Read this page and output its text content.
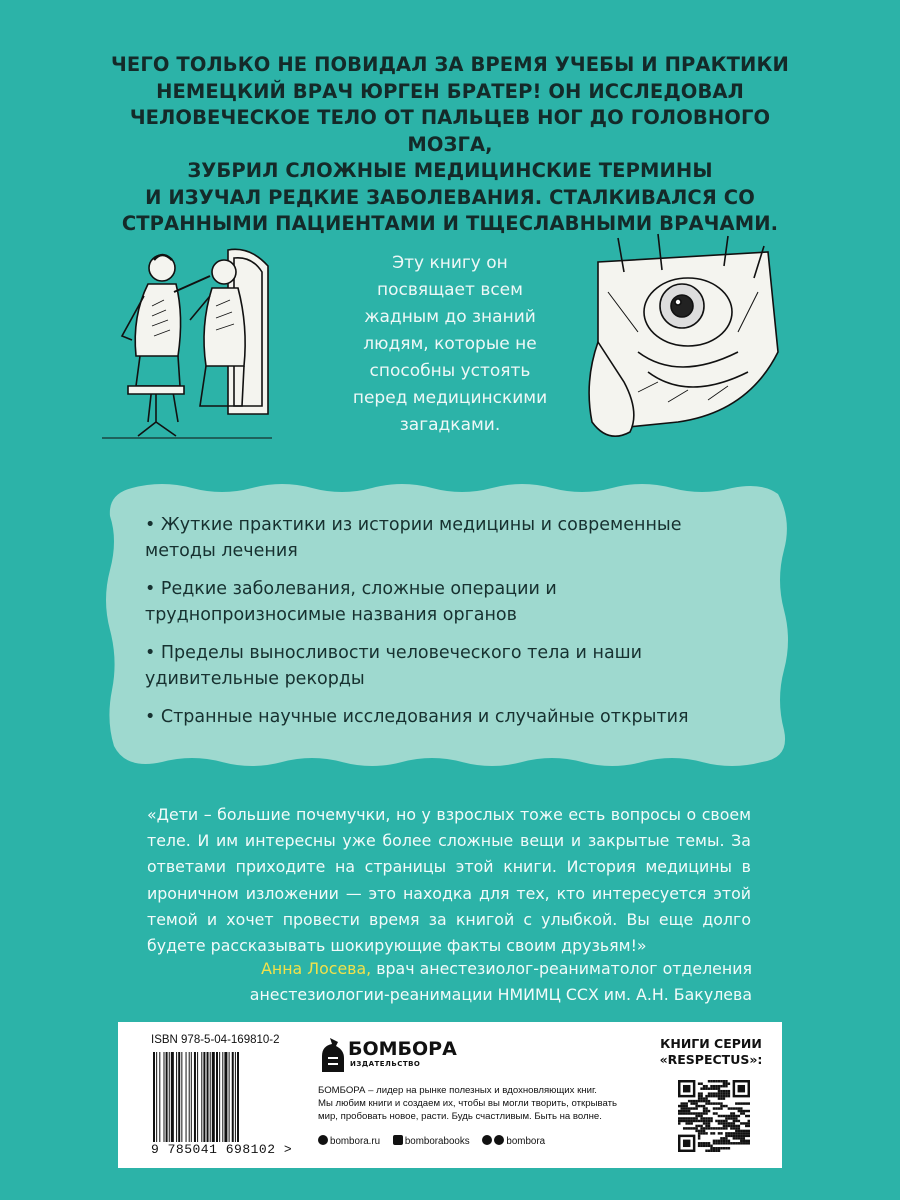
ЧЕГО ТОЛЬКО НЕ ПОВИДАЛ ЗА ВРЕМЯ УЧЕБЫ И ПРАКТИКИ
НЕМЕЦКИЙ ВРАЧ ЮРГЕН БРАТЕР! ОН ИССЛЕДОВАЛ
ЧЕЛОВЕЧЕСКОЕ ТЕЛО ОТ ПАЛЬЦЕВ НОГ ДО ГОЛОВНОГО МОЗГА,
ЗУБРИЛ СЛОЖНЫЕ МЕДИЦИНСКИЕ ТЕРМИНЫ
И ИЗУЧАЛ РЕДКИЕ ЗАБОЛЕВАНИЯ. СТАЛКИВАЛСЯ СО
СТРАННЫМИ ПАЦИЕНТАМИ И ТЩЕСЛАВНЫМИ ВРАЧАМИ.
Эту книгу он
посвящает всем
жадным до знаний
людям, которые не
способны устоять
перед медицинскими
загадками.
• Жуткие практики из истории медицины и современные
методы лечения
• Редкие заболевания, сложные операции и
труднопроизносимые названия органов
• Пределы выносливости человеческого тела и наши
удивительные рекорды
• Странные научные исследования и случайные открытия
«Дети – большие почемучки, но у взрослых тоже есть вопросы о своем
теле. И им интересны уже более сложные вещи и закрытые темы. За
ответами приходите на страницы этой книги. История медицины в
ироничном изложении — это находка для тех, кто интересуется этой
темой и хочет провести время за книгой с улыбкой. Вы еще долго
будете рассказывать шокирующие факты своим друзьям!»
Анна Лосева, врач анестезиолог-реаниматолог отделения
анестезиологии-реанимации НМИМЦ ССХ им. А.Н. Бакулева
ISBN 978-5-04-169810-2
9 785041 698102 >
БОМБОРА
ИЗДАТЕЛЬСТВО
БОМБОРА – лидер на рынке полезных и вдохновляющих книг.
Мы любим книги и создаем их, чтобы вы могли творить, открывать
мир, пробовать новое, расти. Будь счастливым. Быть на волне.
bombora.ru	bomborabooks	bombora
КНИГИ СЕРИИ
«RESPECTUS»:
